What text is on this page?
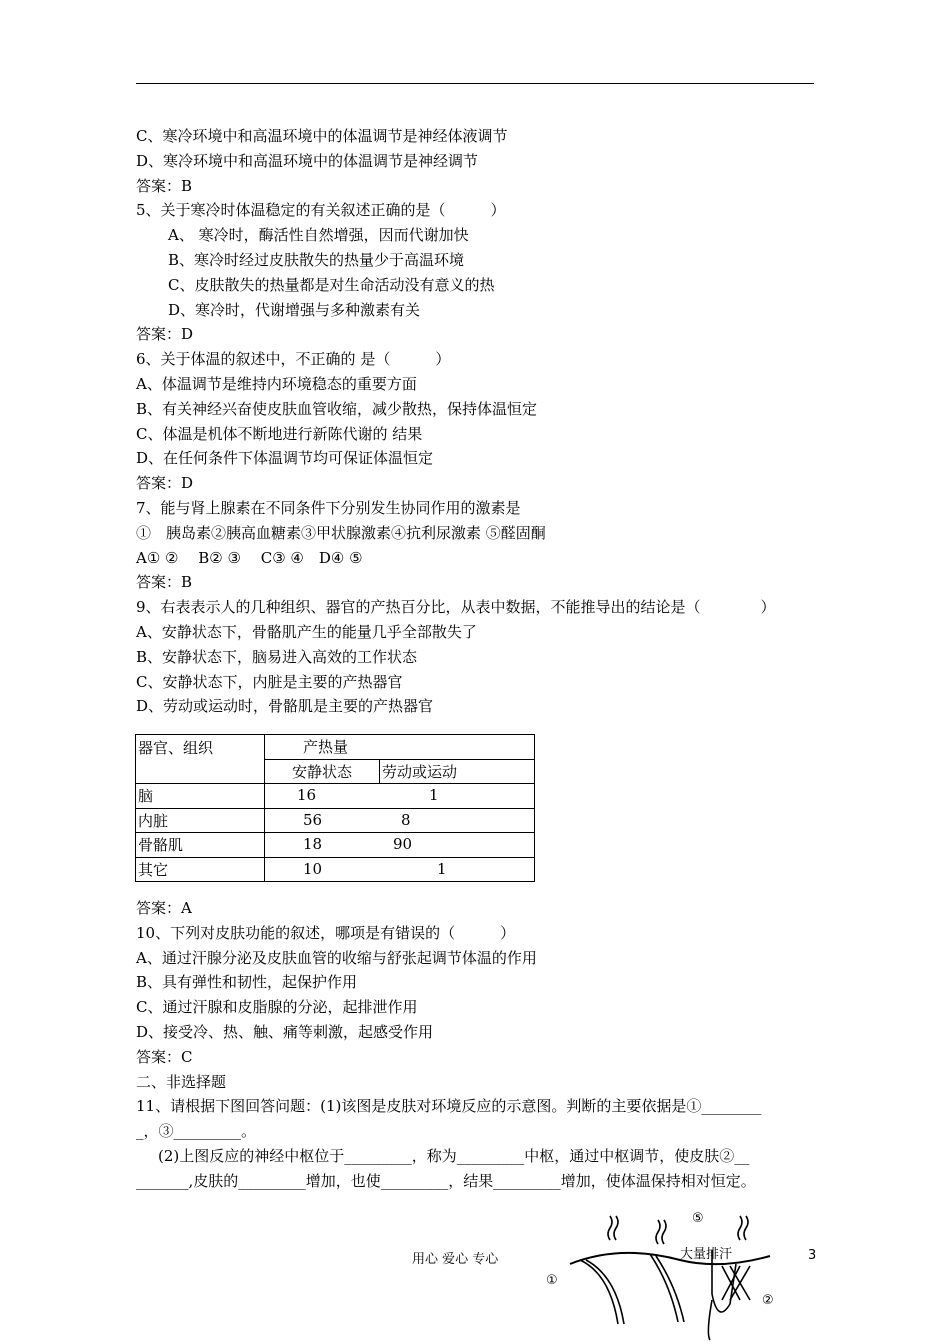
C、寒冷环境中和高温环境中的体温调节是神经体液调节
D、寒冷环境中和高温环境中的体温调节是神经调节
答案：B
5、关于寒冷时体温稳定的有关叙述正确的是（　　　）
A、 寒冷时，酶活性自然增强，因而代谢加快
B、寒冷时经过皮肤散失的热量少于高温环境
C、皮肤散失的热量都是对生命活动没有意义的热
D、寒冷时，代谢增强与多种激素有关
答案：D
6、关于体温的叙述中，不正确的 是（　　　）
A、体温调节是维持内环境稳态的重要方面
B、有关神经兴奋使皮肤血管收缩，减少散热，保持体温恒定
C、体温是机体不断地进行新陈代谢的 结果
D、在任何条件下体温调节均可保证体温恒定
答案：D
7、能与肾上腺素在不同条件下分别发生协同作用的激素是
①　胰岛素②胰高血糖素③甲状腺激素④抗利尿激素 ⑤醛固酮
A① ②　 B② ③　 C③ ④　D④ ⑤
答案：B
9、右表表示人的几种组织、器官的产热百分比，从表中数据，不能推导出的结论是（　　　　）
A、安静状态下，骨骼肌产生的能量几乎全部散失了
B、安静状态下，脑易进入高效的工作状态
C、安静状态下，内脏是主要的产热器官
D、劳动或运动时，骨骼肌是主要的产热器官
器官、组织	产热量	
	安静状态	劳动或运动
脑	16 1	

内脏	56 8	

骨骼肌	18 90	

其它	10 1	
答案：A
10、下列对皮肤功能的叙述，哪项是有错误的（　　　）
A、通过汗腺分泌及皮肤血管的收缩与舒张起调节体温的作用
B、具有弹性和韧性，起保护作用
C、通过汗腺和皮脂腺的分泌，起排泄作用
D、接受冷、热、触、痛等刺激，起感受作用
答案：C
二、非选择题
11、请根据下图回答问题：(1)该图是皮肤对环境反应的示意图。判断的主要依据是①________
_，③_________。
(2)上图反应的神经中枢位于_________，称为_________中枢，通过中枢调节，使皮肤②__
_______,皮肤的_________增加，也使_________，结果_________增加，使体温保持相对恒定。
用心 爱心 专心	3
①
②
⑤
大量排汗
